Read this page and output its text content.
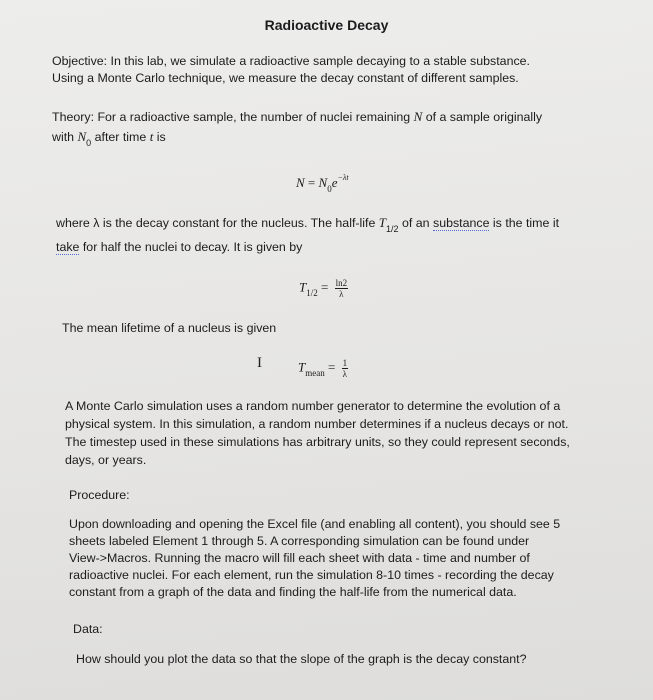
Radioactive Decay
Objective: In this lab, we simulate a radioactive sample decaying to a stable substance.
Using a Monte Carlo technique, we measure the decay constant of different samples.
Theory: For a radioactive sample, the number of nuclei remaining N of a sample originally
with $N_0$ after time t is
$N = N_0e^{-\lambda t}$
where λ is the decay constant for the nucleus. The half-life $T_{1/2}$ of an substance is the time it
take for half the nuclei to decay. It is given by
$T_{1/2} = \frac{\ln 2}{\lambda}$
The mean lifetime of a nucleus is given
I	$T_{mean} = \frac{1}{\lambda}$
A Monte Carlo simulation uses a random number generator to determine the evolution of a
physical system. In this simulation, a random number determines if a nucleus decays or not.
The timestep used in these simulations has arbitrary units, so they could represent seconds,
days, or years.
Procedure:
Upon downloading and opening the Excel file (and enabling all content), you should see 5
sheets labeled Element 1 through 5. A corresponding simulation can be found under
View->Macros. Running the macro will fill each sheet with data - time and number of
radioactive nuclei. For each element, run the simulation 8-10 times - recording the decay
constant from a graph of the data and finding the half-life from the numerical data.
Data:
How should you plot the data so that the slope of the graph is the decay constant?
